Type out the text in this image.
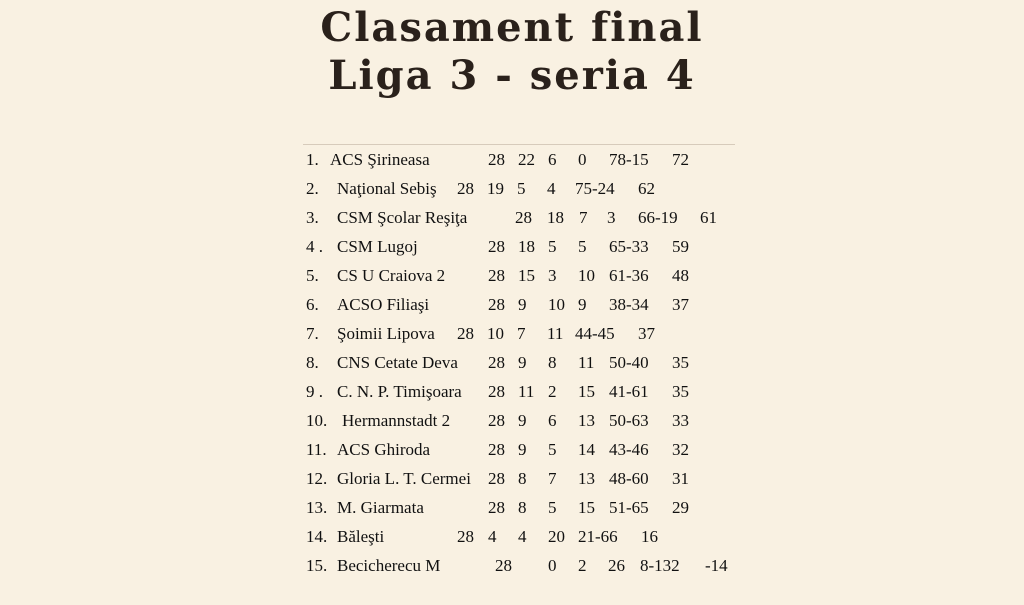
Clasament final
Liga 3 - seria 4
1. ACS Şirineasa	28 22 6 0 78-15 72
2. Naţional Sebiş 28 19 5 4 75-24 62
3. CSM Şcolar Reşiţa	28 18 7 3 66-19 61
4 . CSM Lugoj	28 18 5 5 65-33 59
5. CS U Craiova 2	28 15 3 10 61-36 48
6. ACSO Filiaşi	28 9 10 9 38-34 37
7. Şoimii Lipova 28 10 7 11 44-45 37
8. CNS Cetate Deva 28 9 8 11 50-40 35
9 . C. N. P. Timişoara 28 11 2 15 41-61 35
10. Hermannstadt 2 28 9 6 13 50-63 33
11. ACS Ghiroda	28 9 5 14 43-46 32
12. Gloria L. T. Cermei 28 8 7 13 48-60 31
13. M. Giarmata	28 8 5 15 51-65 29
14. Băleşti	28 4 4 20 21-66 16
15. Becicherecu M	28 0 2 26 8-132 -14
